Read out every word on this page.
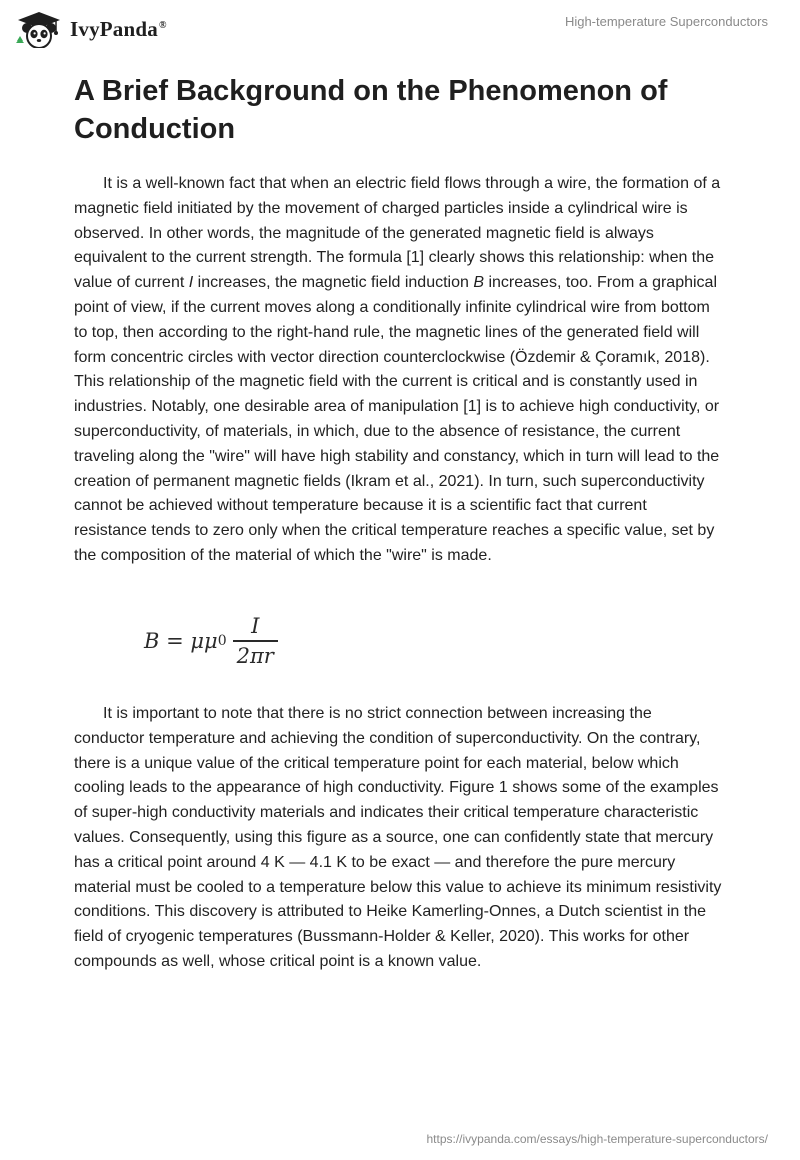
IvyPanda®	High-temperature Superconductors
A Brief Background on the Phenomenon of Conduction

It is a well-known fact that when an electric field flows through a wire, the formation of a magnetic field initiated by the movement of charged particles inside a cylindrical wire is observed. In other words, the magnitude of the generated magnetic field is always equivalent to the current strength. The formula [1] clearly shows this relationship: when the value of current I increases, the magnetic field induction B increases, too. From a graphical point of view, if the current moves along a conditionally infinite cylindrical wire from bottom to top, then according to the right-hand rule, the magnetic lines of the generated field will form concentric circles with vector direction counterclockwise (Özdemir & Çoramık, 2018). This relationship of the magnetic field with the current is critical and is constantly used in industries. Notably, one desirable area of manipulation [1] is to achieve high conductivity, or superconductivity, of materials, in which, due to the absence of resistance, the current traveling along the "wire" will have high stability and constancy, which in turn will lead to the creation of permanent magnetic fields (Ikram et al., 2021). In turn, such superconductivity cannot be achieved without temperature because it is a scientific fact that current resistance tends to zero only when the critical temperature reaches a specific value, set by the composition of the material of which the "wire" is made.

B = μμ $0 \frac{I}{2\pi r}$

It is important to note that there is no strict connection between increasing the conductor temperature and achieving the condition of superconductivity. On the contrary, there is a unique value of the critical temperature point for each material, below which cooling leads to the appearance of high conductivity. Figure 1 shows some of the examples of super-high conductivity materials and indicates their critical temperature characteristic values. Consequently, using this figure as a source, one can confidently state that mercury has a critical point around 4 K — 4.1 K to be exact — and therefore the pure mercury material must be cooled to a temperature below this value to achieve its minimum resistivity conditions. This discovery is attributed to Heike Kamerling-Onnes, a Dutch scientist in the field of cryogenic temperatures (Bussmann-Holder & Keller, 2020). This works for other compounds as well, whose critical point is a known value.

https://ivypanda.com/essays/high-temperature-superconductors/
